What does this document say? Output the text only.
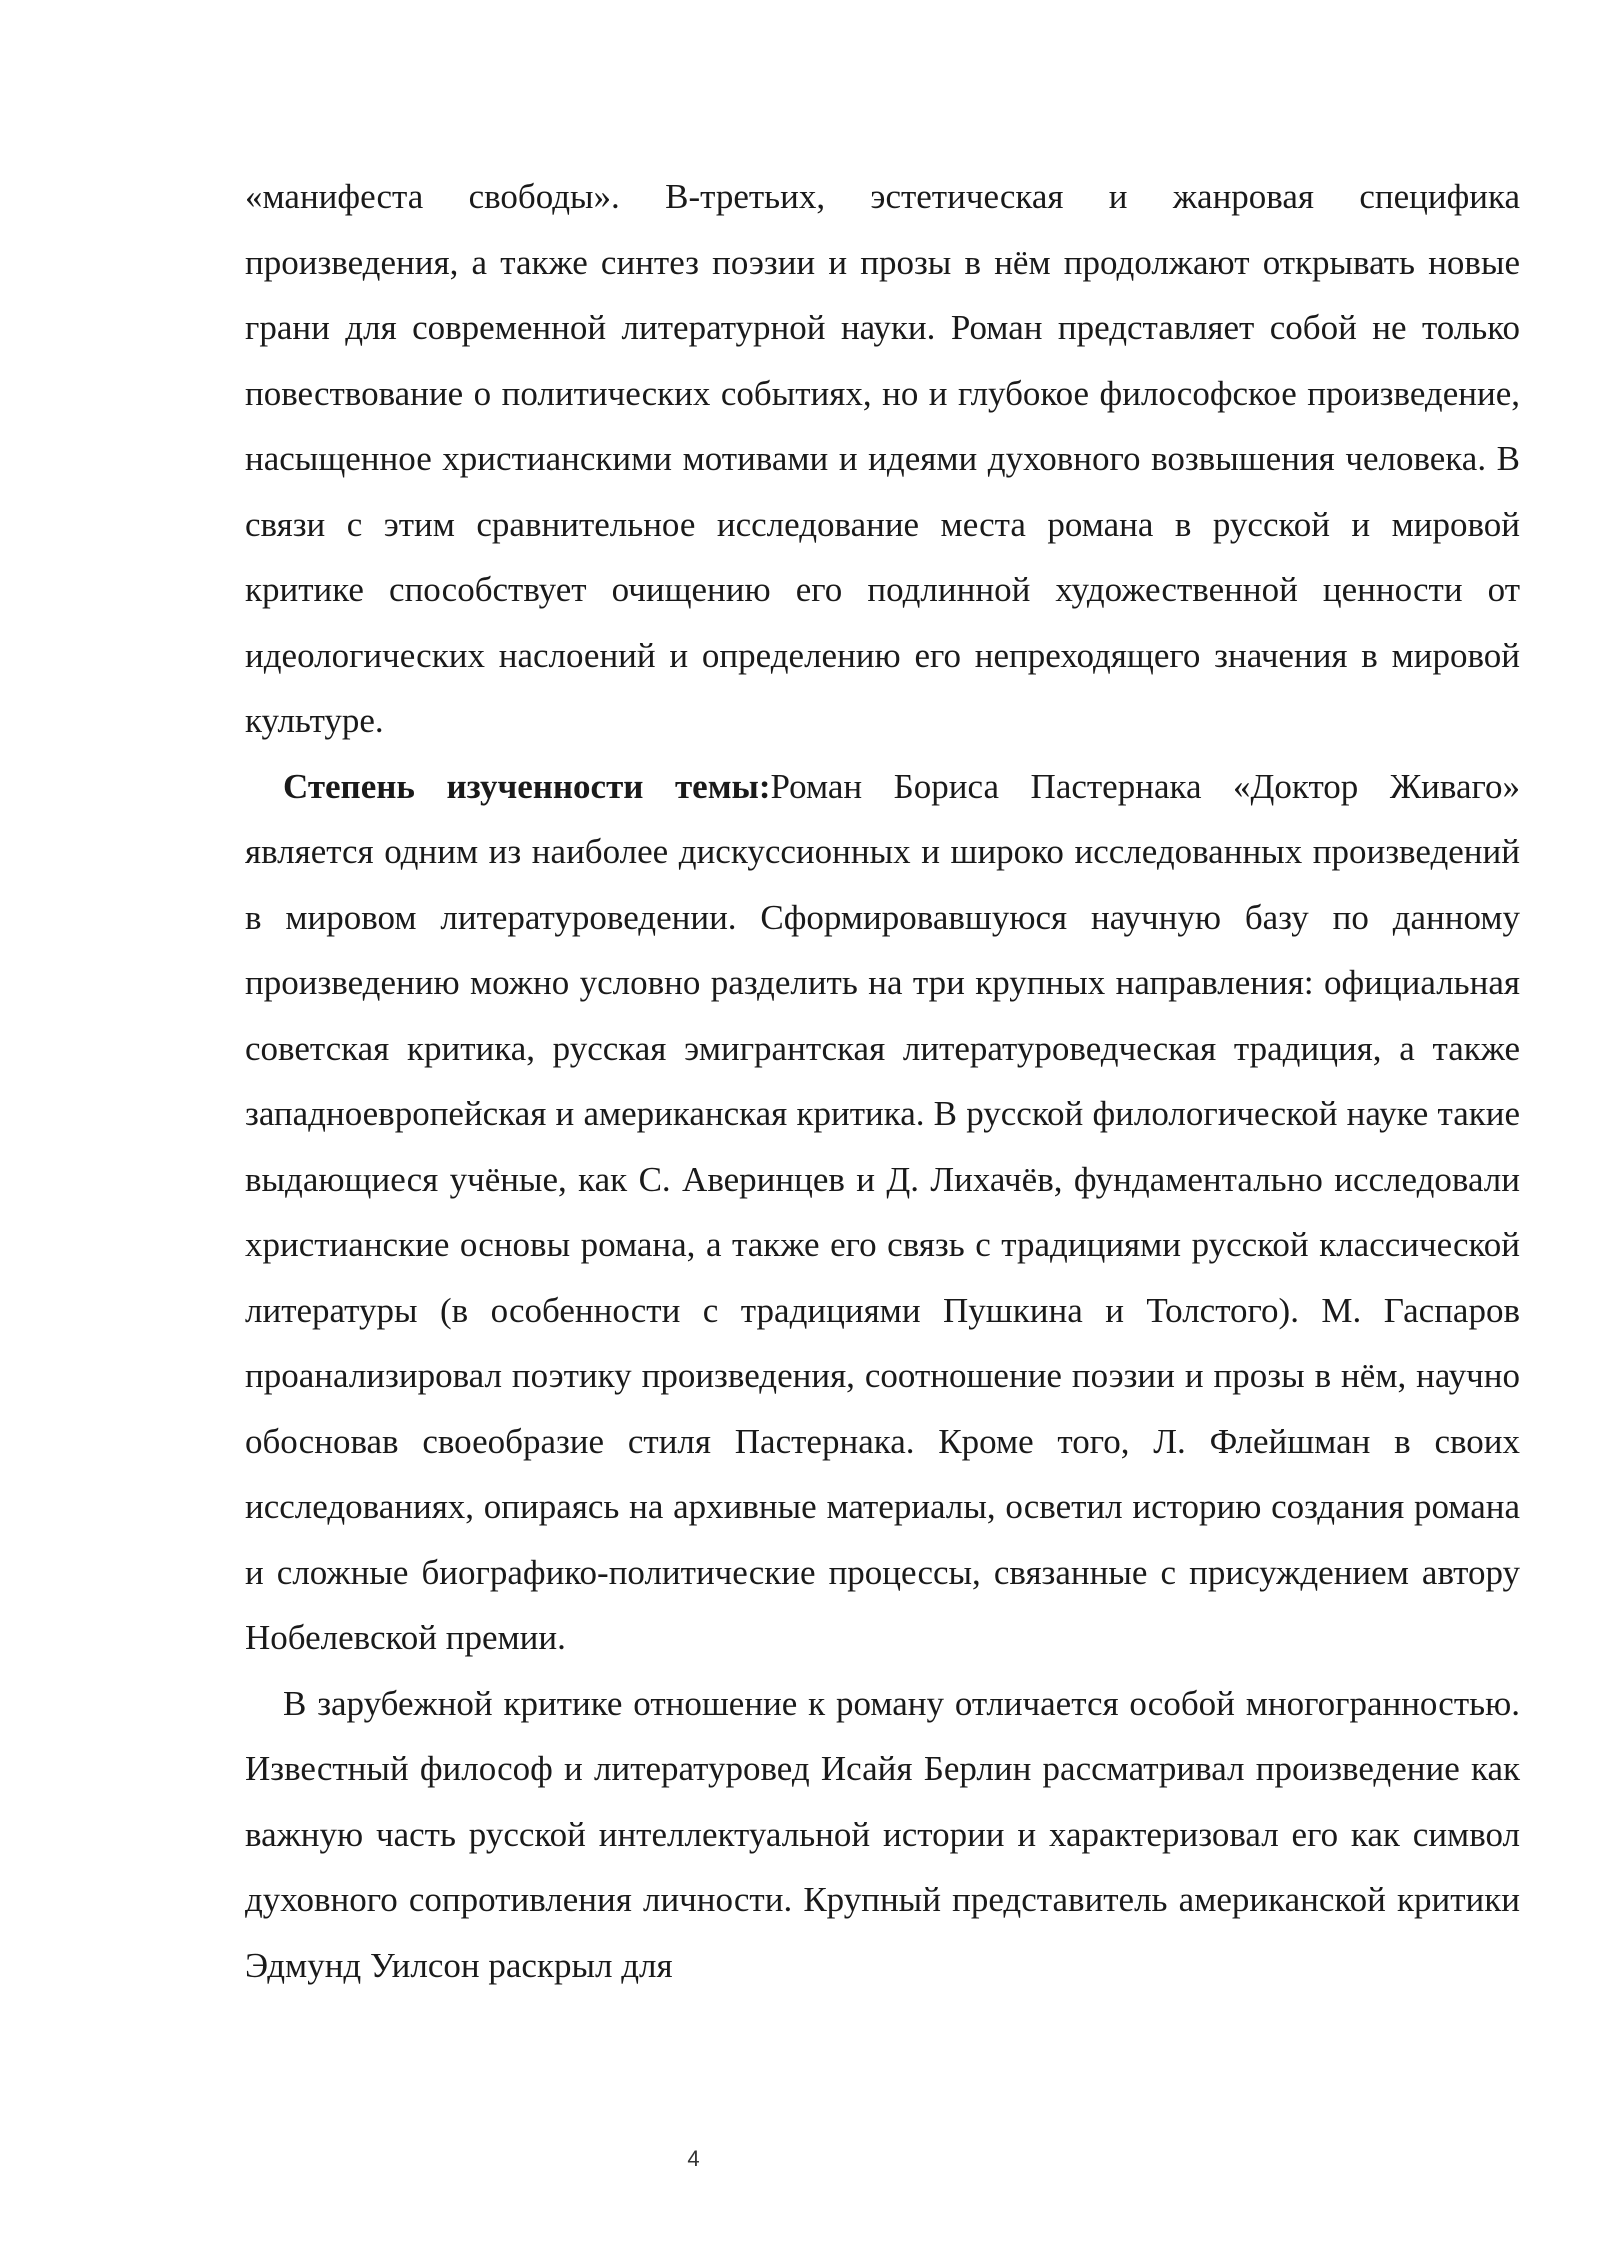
«манифеста свободы». В-третьих, эстетическая и жанровая специфика произведения, а также синтез поэзии и прозы в нём продолжают открывать новые грани для современной литературной науки. Роман представляет собой не только повествование о политических событиях, но и глубокое философское произведение, насыщенное христианскими мотивами и идеями духовного возвышения человека. В связи с этим сравнительное исследование места романа в русской и мировой критике способствует очищению его подлинной художественной ценности от идеологических наслоений и определению его непреходящего значения в мировой культуре.

Степень изученности темы:Роман Бориса Пастернака «Доктор Живаго» является одним из наиболее дискуссионных и широко исследованных произведений в мировом литературоведении. Сформировавшуюся научную базу по данному произведению можно условно разделить на три крупных направления: официальная советская критика, русская эмигрантская литературоведческая традиция, а также западноевропейская и американская критика. В русской филологической науке такие выдающиеся учёные, как С. Аверинцев и Д. Лихачёв, фундаментально исследовали христианские основы романа, а также его связь с традициями русской классической литературы (в особенности с традициями Пушкина и Толстого). М. Гаспаров проанализировал поэтику произведения, соотношение поэзии и прозы в нём, научно обосновав своеобразие стиля Пастернака. Кроме того, Л. Флейшман в своих исследованиях, опираясь на архивные материалы, осветил историю создания романа и сложные биографико-политические процессы, связанные с присуждением автору Нобелевской премии.

В зарубежной критике отношение к роману отличается особой многогранностью. Известный философ и литературовед Исайя Берлин рассматривал произведение как важную часть русской интеллектуальной истории и характеризовал его как символ духовного сопротивления личности. Крупный представитель американской критики Эдмунд Уилсон раскрыл для

4
